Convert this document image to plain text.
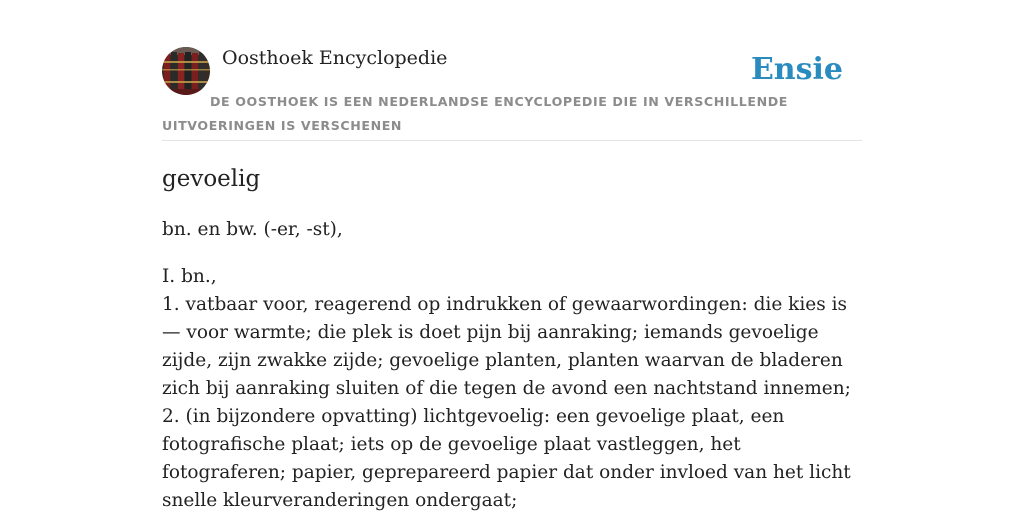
Oosthoek Encyclopedie	Ensie
DE OOSTHOEK IS EEN NEDERLANDSE ENCYCLOPEDIE DIE IN VERSCHILLENDE UITVOERINGEN IS VERSCHENEN
gevoelig

bn. en bw. (-er, -st),

I. bn.,
1. vatbaar voor, reagerend op indrukken of gewaarwordingen: die kies is — voor warmte; die plek is doet pijn bij aanraking; iemands gevoelige zijde, zijn zwakke zijde; gevoelige planten, planten waarvan de bladeren zich bij aanraking sluiten of die tegen de avond een nachtstand innemen;
2. (in bijzondere opvatting) lichtgevoelig: een gevoelige plaat, een fotografische plaat; iets op de gevoelige plaat vastleggen, het fotograferen; papier, geprepareerd papier dat onder invloed van het licht snelle kleurveranderingen ondergaat;
